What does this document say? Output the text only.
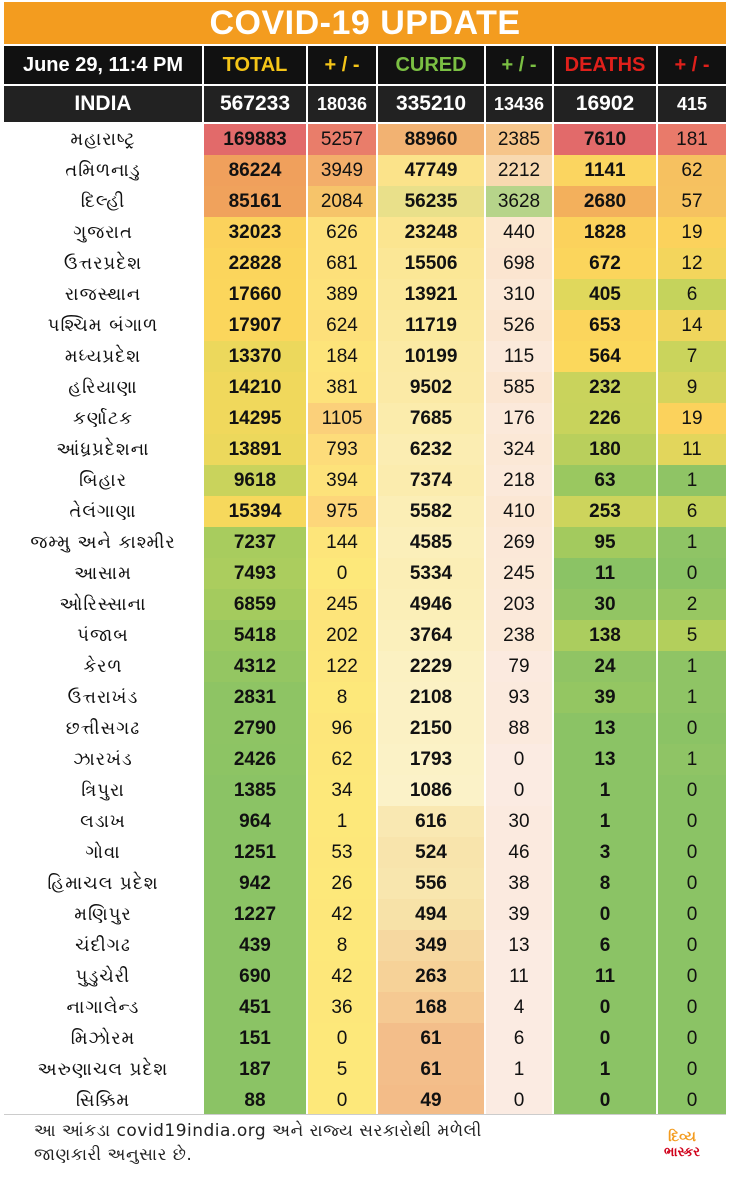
COVID-19 UPDATE
June 29, 11:4 PM	TOTAL	+ / -	CURED	+ / -	DEATHS	+ / -
INDIA	567233	18036	335210	13436	16902	415
મહારાષ્ટ્ર	169883	5257	88960	2385	7610	181
તમિળનાડુ	86224	3949	47749	2212	1141	62
દિલ્હી	85161	2084	56235	3628	2680	57
ગુજરાત	32023	626	23248	440	1828	19
ઉત્તરપ્રદેશ	22828	681	15506	698	672	12
રાજસ્થાન	17660	389	13921	310	405	6
પશ્ચિમ બંગાળ	17907	624	11719	526	653	14
મધ્યપ્રદેશ	13370	184	10199	115	564	7
હરિયાણા	14210	381	9502	585	232	9
કર્ણાટક	14295	1105	7685	176	226	19
આંધ્રપ્રદેશના	13891	793	6232	324	180	11
બિહાર	9618	394	7374	218	63	1
તેલંગાણા	15394	975	5582	410	253	6
જમ્મુ અને કાશ્મીર	7237	144	4585	269	95	1
આસામ	7493	0	5334	245	11	0
ઓરિસ્સાના	6859	245	4946	203	30	2
પંજાબ	5418	202	3764	238	138	5
કેરળ	4312	122	2229	79	24	1
ઉત્તરાખંડ	2831	8	2108	93	39	1
છત્તીસગઢ	2790	96	2150	88	13	0
ઝારખંડ	2426	62	1793	0	13	1
ત્રિપુરા	1385	34	1086	0	1	0
લડાખ	964	1	616	30	1	0
ગોવા	1251	53	524	46	3	0
હિમાચલ પ્રદેશ	942	26	556	38	8	0
મણિપુર	1227	42	494	39	0	0
ચંદીગઢ	439	8	349	13	6	0
પુડુચેરી	690	42	263	11	11	0
નાગાલેન્ડ	451	36	168	4	0	0
મિઝોરમ	151	0	61	6	0	0
અરુણાચલ પ્રદેશ	187	5	61	1	1	0
સિક્કિમ	88	0	49	0	0	0
આ આંકડા covid19india.org અને રાજ્ય સરકારોથી મળેલી
જાણકારી અનુસાર છે.
દિવ્ય
ભાસ્કર
